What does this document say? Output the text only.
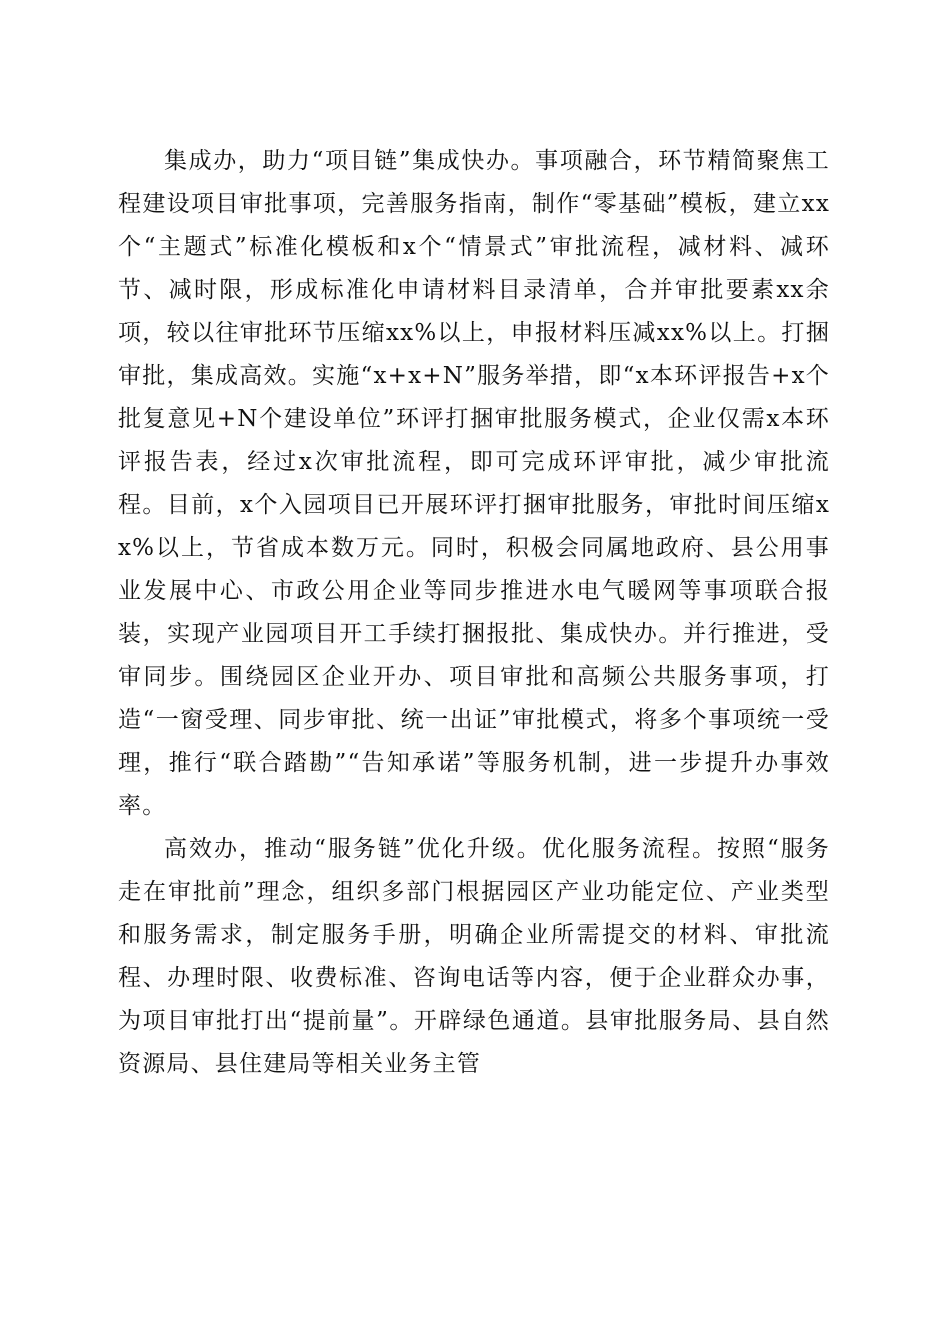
集成办，助力“项目链”集成快办。事项融合，环节精简聚焦工程建设项目审批事项，完善服务指南，制作“零基础”模板，建立xx个“主题式”标准化模板和x个“情景式”审批流程，减材料、减环节、减时限，形成标准化申请材料目录清单，合并审批要素xx余项，较以往审批环节压缩xx%以上，申报材料压减xx%以上。打捆审批，集成高效。实施“x+x+N”服务举措，即“x本环评报告+x个批复意见+N个建设单位”环评打捆审批服务模式，企业仅需x本环评报告表，经过x次审批流程，即可完成环评审批，减少审批流程。目前，x个入园项目已开展环评打捆审批服务，审批时间压缩xx%以上，节省成本数万元。同时，积极会同属地政府、县公用事业发展中心、市政公用企业等同步推进水电气暖网等事项联合报装，实现产业园项目开工手续打捆报批、集成快办。并行推进，受审同步。围绕园区企业开办、项目审批和高频公共服务事项，打造“一窗受理、同步审批、统一出证”审批模式，将多个事项统一受理，推行“联合踏勘”“告知承诺”等服务机制，进一步提升办事效率。

高效办，推动“服务链”优化升级。优化服务流程。按照“服务走在审批前”理念，组织多部门根据园区产业功能定位、产业类型和服务需求，制定服务手册，明确企业所需提交的材料、审批流程、办理时限、收费标准、咨询电话等内容，便于企业群众办事，为项目审批打出“提前量”。开辟绿色通道。县审批服务局、县自然资源局、县住建局等相关业务主管
